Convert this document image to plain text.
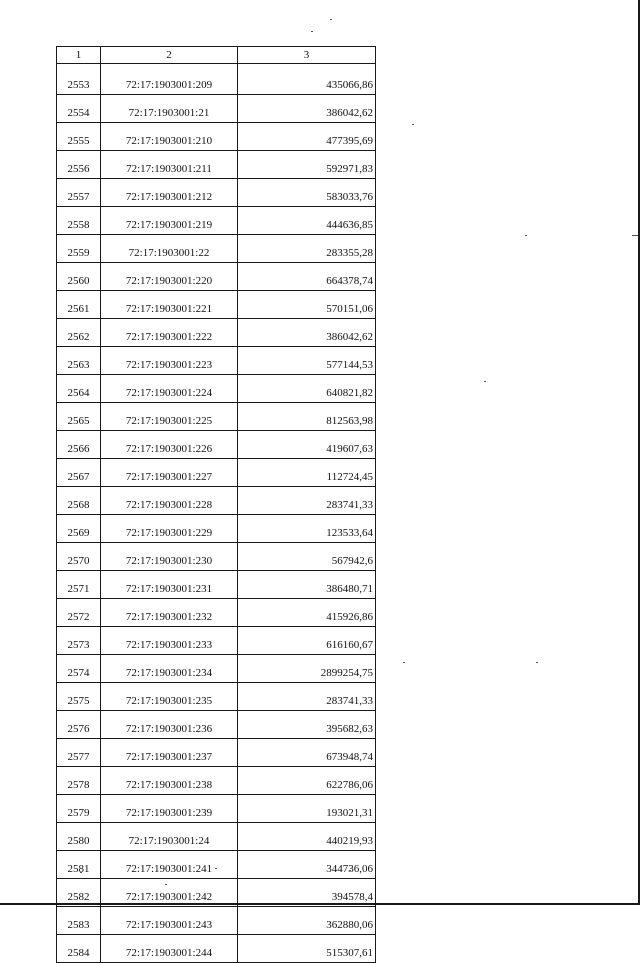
1	2	3
2553	72:17:1903001:209	435066,86
2554	72:17:1903001:21	386042,62
2555	72:17:1903001:210	477395,69
2556	72:17:1903001:211	592971,83
2557	72:17:1903001:212	583033,76
2558	72:17:1903001:219	444636,85
2559	72:17:1903001:22	283355,28
2560	72:17:1903001:220	664378,74
2561	72:17:1903001:221	570151,06
2562	72:17:1903001:222	386042,62
2563	72:17:1903001:223	577144,53
2564	72:17:1903001:224	640821,82
2565	72:17:1903001:225	812563,98
2566	72:17:1903001:226	419607,63
2567	72:17:1903001:227	112724,45
2568	72:17:1903001:228	283741,33
2569	72:17:1903001:229	123533,64
2570	72:17:1903001:230	567942,6
2571	72:17:1903001:231	386480,71
2572	72:17:1903001:232	415926,86
2573	72:17:1903001:233	616160,67
2574	72:17:1903001:234	2899254,75
2575	72:17:1903001:235	283741,33
2576	72:17:1903001:236	395682,63
2577	72:17:1903001:237	673948,74
2578	72:17:1903001:238	622786,06
2579	72:17:1903001:239	193021,31
2580	72:17:1903001:24	440219,93
2581	72:17:1903001:241	344736,06
2582	72:17:1903001:242	394578,4
2583	72:17:1903001:243	362880,06
2584	72:17:1903001:244	515307,61
